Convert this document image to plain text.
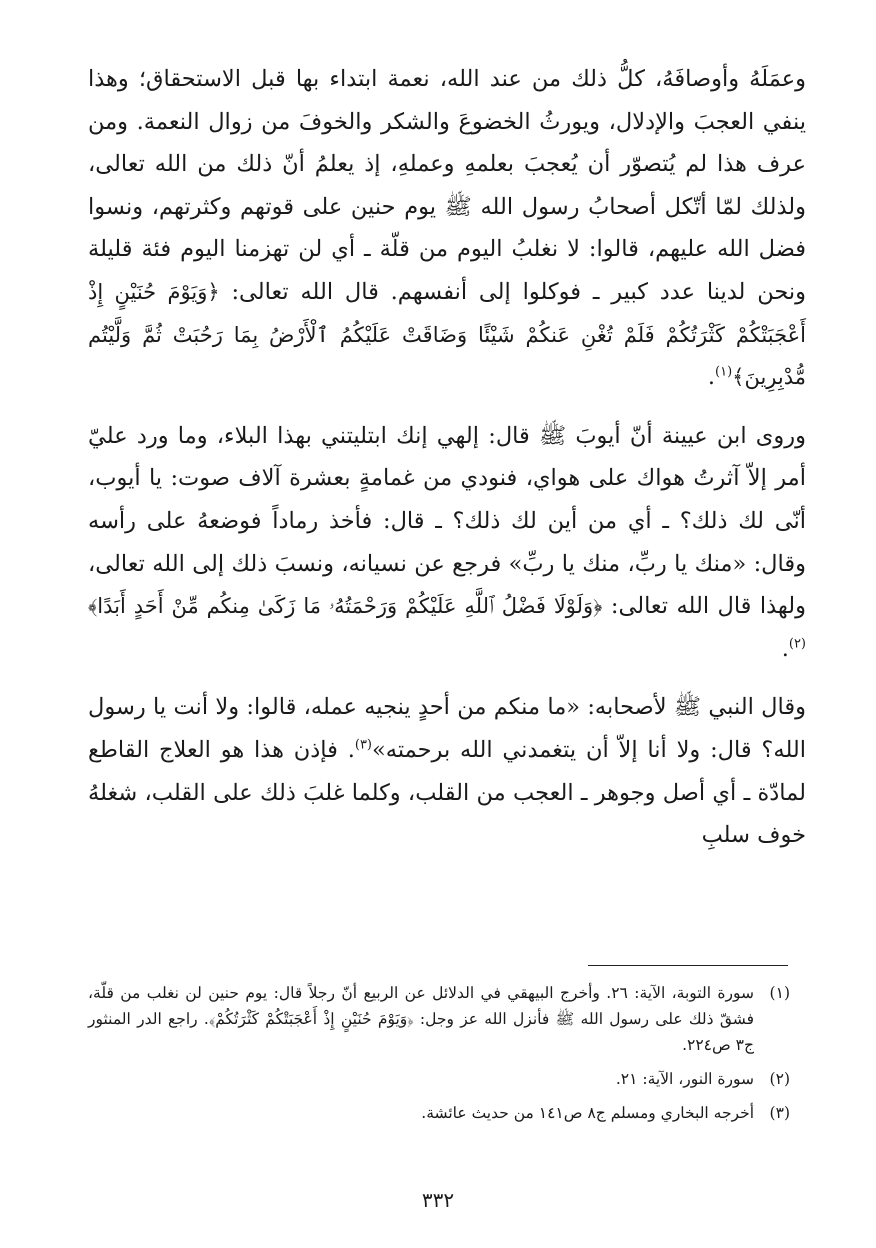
وعمَلَهُ وأوصافَهُ، كلُّ ذلك من عند الله، نعمة ابتداء بها قبل الاستحقاق؛ وهذا ينفي العجبَ والإدلال، ويورثُ الخضوعَ والشكر والخوفَ من زوال النعمة. ومن عرف هذا لم يُتصوّر أن يُعجبَ بعلمهِ وعملهِ، إذ يعلمُ أنّ ذلك من الله تعالى، ولذلك لمّا أتّكل أصحابُ رسول الله ﷺ يوم حنين على قوتهم وكثرتهم، ونسوا فضل الله عليهم، قالوا: لا نغلبُ اليوم من قلّة ـ أي لن تهزمنا اليوم فئة قليلة ونحن لدينا عدد كبير ـ فوكلوا إلى أنفسهم. قال الله تعالى: ﴿وَيَوْمَ حُنَيْنٍ إِذْ أَعْجَبَتْكُمْ كَثْرَتُكُمْ فَلَمْ تُغْنِ عَنكُمْ شَيْئًا وَضَاقَتْ عَلَيْكُمُ ٱلْأَرْضُ بِمَا رَحُبَتْ ثُمَّ وَلَّيْتُم مُّدْبِرِينَ﴾$^{(١)}$.

وروى ابن عيينة أنّ أيوبَ ﷺ قال: إلهي إنك ابتليتني بهذا البلاء، وما ورد عليّ أمر إلاّ آثرتُ هواك على هواي، فنودي من غمامةٍ بعشرة آلاف صوت: يا أيوب، أنّى لك ذلك؟ ـ أي من أين لك ذلك؟ ـ قال: فأخذ رماداً فوضعهُ على رأسه وقال: «منك يا ربِّ، منك يا ربِّ» فرجع عن نسيانه، ونسبَ ذلك إلى الله تعالى، ولهذا قال الله تعالى: ﴿وَلَوْلَا فَضْلُ ٱللَّهِ عَلَيْكُمْ وَرَحْمَتُهُۥ مَا زَكَىٰ مِنكُم مِّنْ أَحَدٍ أَبَدًا﴾$^{(٢)}$.

وقال النبي ﷺ لأصحابه: «ما منكم من أحدٍ ينجيه عمله، قالوا: ولا أنت يا رسول الله؟ قال: ولا أنا إلاّ أن يتغمدني الله برحمته»$^{(٣)}$. فإذن هذا هو العلاج القاطع لمادّة ـ أي أصل وجوهر ـ العجب من القلب، وكلما غلبَ ذلك على القلب، شغلهُ خوف سلبِ

(١)
سورة التوبة، الآية: ٢٦. وأخرج البيهقي في الدلائل عن الربيع أنّ رجلاً قال: يوم حنين لن نغلب من قلّة، فشقّ ذلك على رسول الله ﷺ فأنزل الله عز وجل: ﴿وَيَوْمَ حُنَيْنٍ إِذْ أَعْجَبَتْكُمْ كَثْرَتُكُمْ﴾. راجع الدر المنثور ج٣ ص٢٢٤.
(٢)
سورة النور، الآية: ٢١.
(٣)
أخرجه البخاري ومسلم ج٨ ص١٤١ من حديث عائشة.
٣٣٢
